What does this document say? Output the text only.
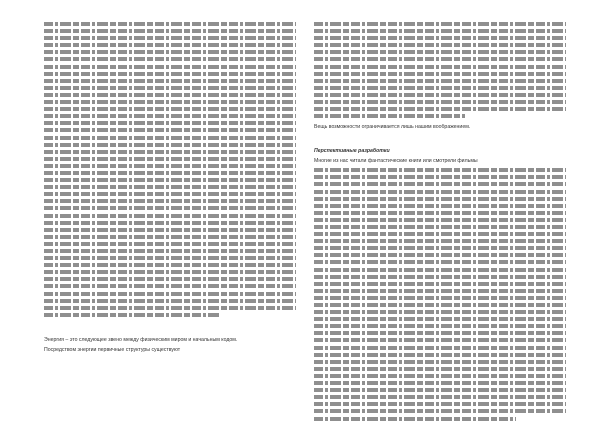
Энергия – это следующее звено между физическим миром и начальным кодом.
Посредством энергии первичные структуры существуют
Вещь возможности ограничивается лишь нашим воображением.
Перспективные разработки
Многие из нас читали фантастические книги или смотрели фильмы
